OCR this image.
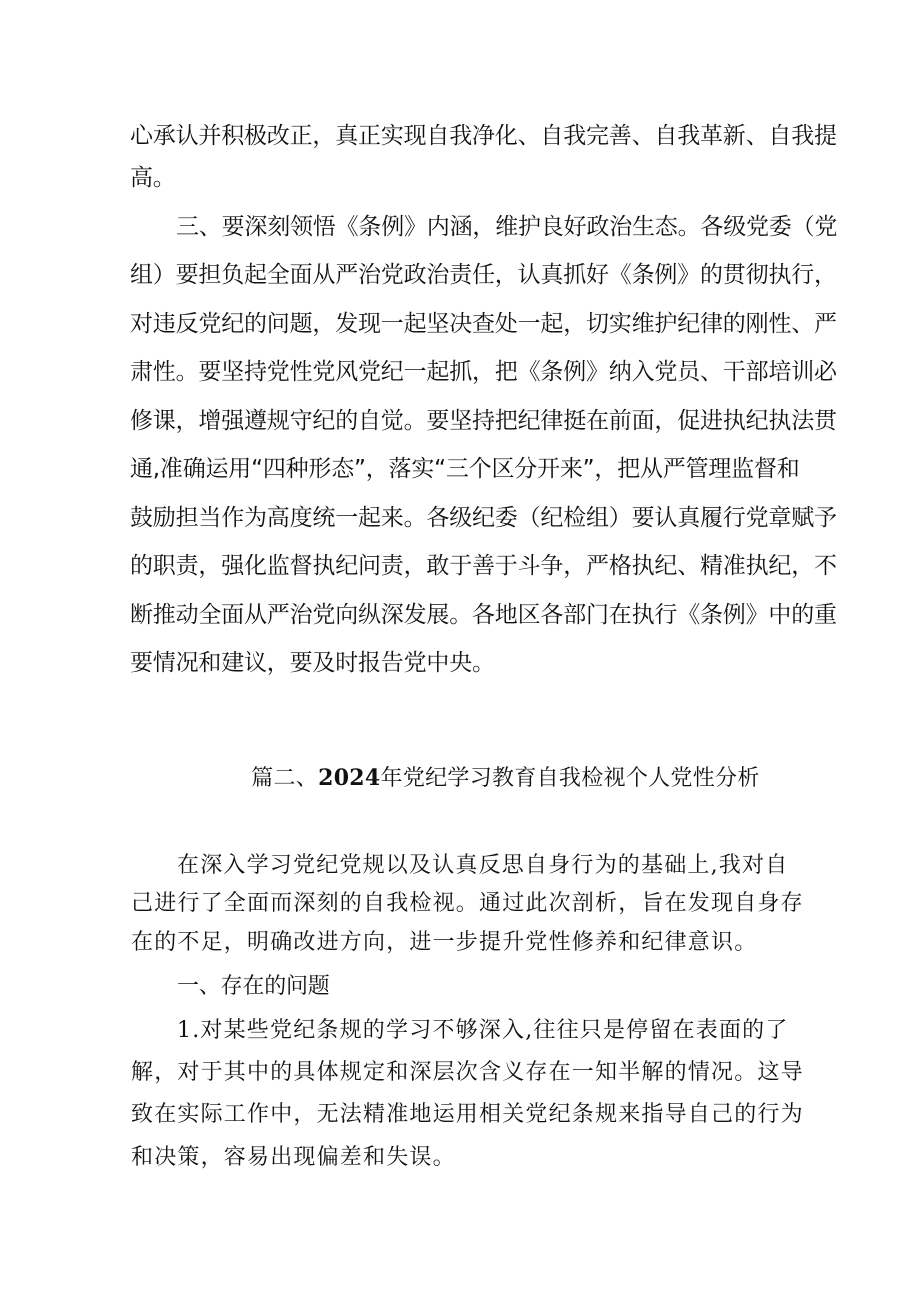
心承认并积极改正，真正实现自我净化、自我完善、自我革新、自我提
高。
三、要深刻领悟《条例》内涵，维护良好政治生态。各级党委（党
组）要担负起全面从严治党政治责任，认真抓好《条例》的贯彻执行，
对违反党纪的问题，发现一起坚决查处一起，切实维护纪律的刚性、严
肃性。要坚持党性党风党纪一起抓，把《条例》纳入党员、干部培训必
修课，增强遵规守纪的自觉。要坚持把纪律挺在前面，促进执纪执法贯
通,准确运用“四种形态”，落实“三个区分开来”，把从严管理监督和
鼓励担当作为高度统一起来。各级纪委（纪检组）要认真履行党章赋予
的职责，强化监督执纪问责，敢于善于斗争，严格执纪、精准执纪，不
断推动全面从严治党向纵深发展。各地区各部门在执行《条例》中的重
要情况和建议，要及时报告党中央。

篇二、2024年党纪学习教育自我检视个人党性分析

在深入学习党纪党规以及认真反思自身行为的基础上,我对自
己进行了全面而深刻的自我检视。通过此次剖析，旨在发现自身存
在的不足，明确改进方向，进一步提升党性修养和纪律意识。
一、存在的问题
1.对某些党纪条规的学习不够深入,往往只是停留在表面的了
解，对于其中的具体规定和深层次含义存在一知半解的情况。这导
致在实际工作中，无法精准地运用相关党纪条规来指导自己的行为
和决策，容易出现偏差和失误。
